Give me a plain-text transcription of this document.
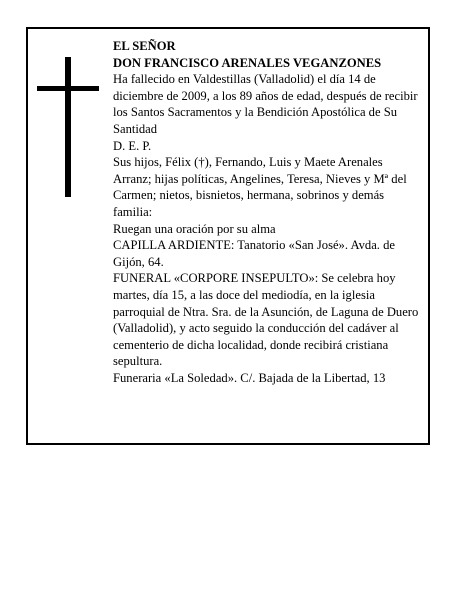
EL SEÑOR

DON FRANCISCO ARENALES VEGANZONES

Ha fallecido en Valdestillas (Valladolid) el día 14 de diciembre de 2009, a los 89 años de edad, después de recibir los Santos Sacramentos y la Bendición Apostólica de Su Santidad

D. E. P.

Sus hijos, Félix (†), Fernando, Luis y Maete Arenales Arranz; hijas políticas, Angelines, Teresa, Nieves y Mª del Carmen; nietos, bisnietos, hermana, sobrinos y demás familia:

Ruegan una oración por su alma

CAPILLA ARDIENTE: Tanatorio «San José». Avda. de Gijón, 64.

FUNERAL «CORPORE INSEPULTO»: Se celebra hoy martes, día 15, a las doce del mediodía, en la iglesia parroquial de Ntra. Sra. de la Asunción, de Laguna de Duero (Valladolid), y acto seguido la conducción del cadáver al cementerio de dicha localidad, donde recibirá cristiana sepultura.

Funeraria «La Soledad». C/. Bajada de la Libertad, 13
